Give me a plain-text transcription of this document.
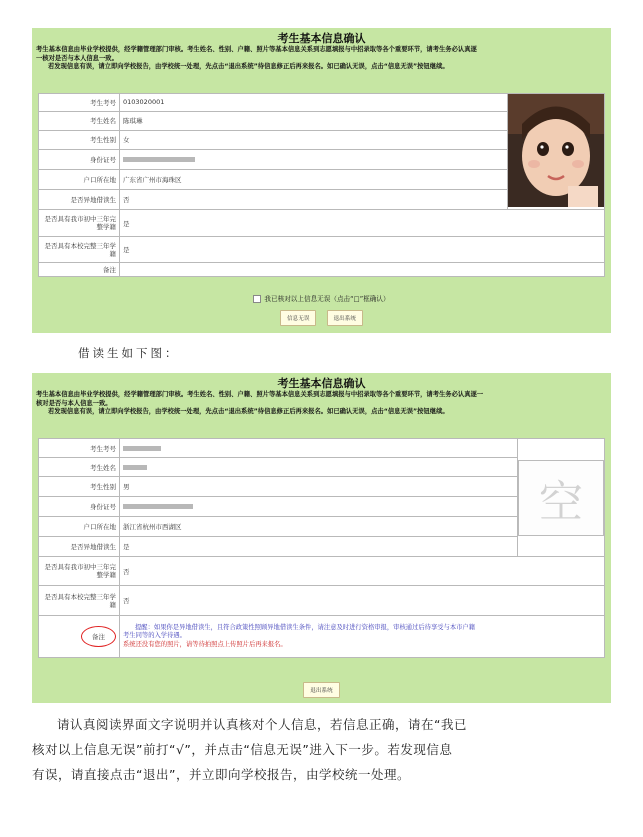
考生基本信息确认
考生基本信息由毕业学校提供，经学籍管理部门审核。考生姓名、性别、户籍、照片等基本信息关系到志愿填报与中招录取等各个重要环节，请考生务必认真逐
一核对是否与本人信息一致。
若发现信息有误，请立即向学校报告，由学校统一处理，先点击“退出系统”待信息修正后再来报名。如已确认无误，点击“信息无误”按钮继续。
考生考号	0103020001	
考生姓名	陈琪琳	
考生性别	女	
身份证号		
户口所在地	广东省广州市海珠区	
是否异地借读生	否	
是否具有我市初中三年完整学籍	是	
是否具有本校完整三年学籍	是	
备注		
我已核对以上信息无误（点击“□”框确认）
信息无误	退出系统
借读生如下图：
考生基本信息确认
考生基本信息由毕业学校提供，经学籍管理部门审核。考生姓名、性别、户籍、照片等基本信息关系到志愿填报与中招录取等各个重要环节，请考生务必认真逐一
核对是否与本人信息一致。
若发现信息有误，请立即向学校报告，由学校统一处理，先点击“退出系统”待信息修正后再来报名。如已确认无误，点击“信息无误”按钮继续。
考生考号		空

考生姓名		
考生性别	男	
身份证号		
户口所在地	浙江省杭州市西湖区	
是否异地借读生	是	
是否具有我市初中三年完整学籍	否	
是否具有本校完整三年学籍	否	
备注	提醒：如果你是异地借读生，且符合政策性照顾异地借读生条件，请注意及时进行资格审报，审核通过后待享受与本市户籍
考生同等的入学待遇。
系统还没有您的照片，请等待拍照点上传照片后再来报名。	
退出系统

请认真阅读界面文字说明并认真核对个人信息，若信息正确，请在“我已

核对以上信息无误”前打“√”，并点击“信息无误”进入下一步。若发现信息

有误，请直接点击“退出”，并立即向学校报告，由学校统一处理。
